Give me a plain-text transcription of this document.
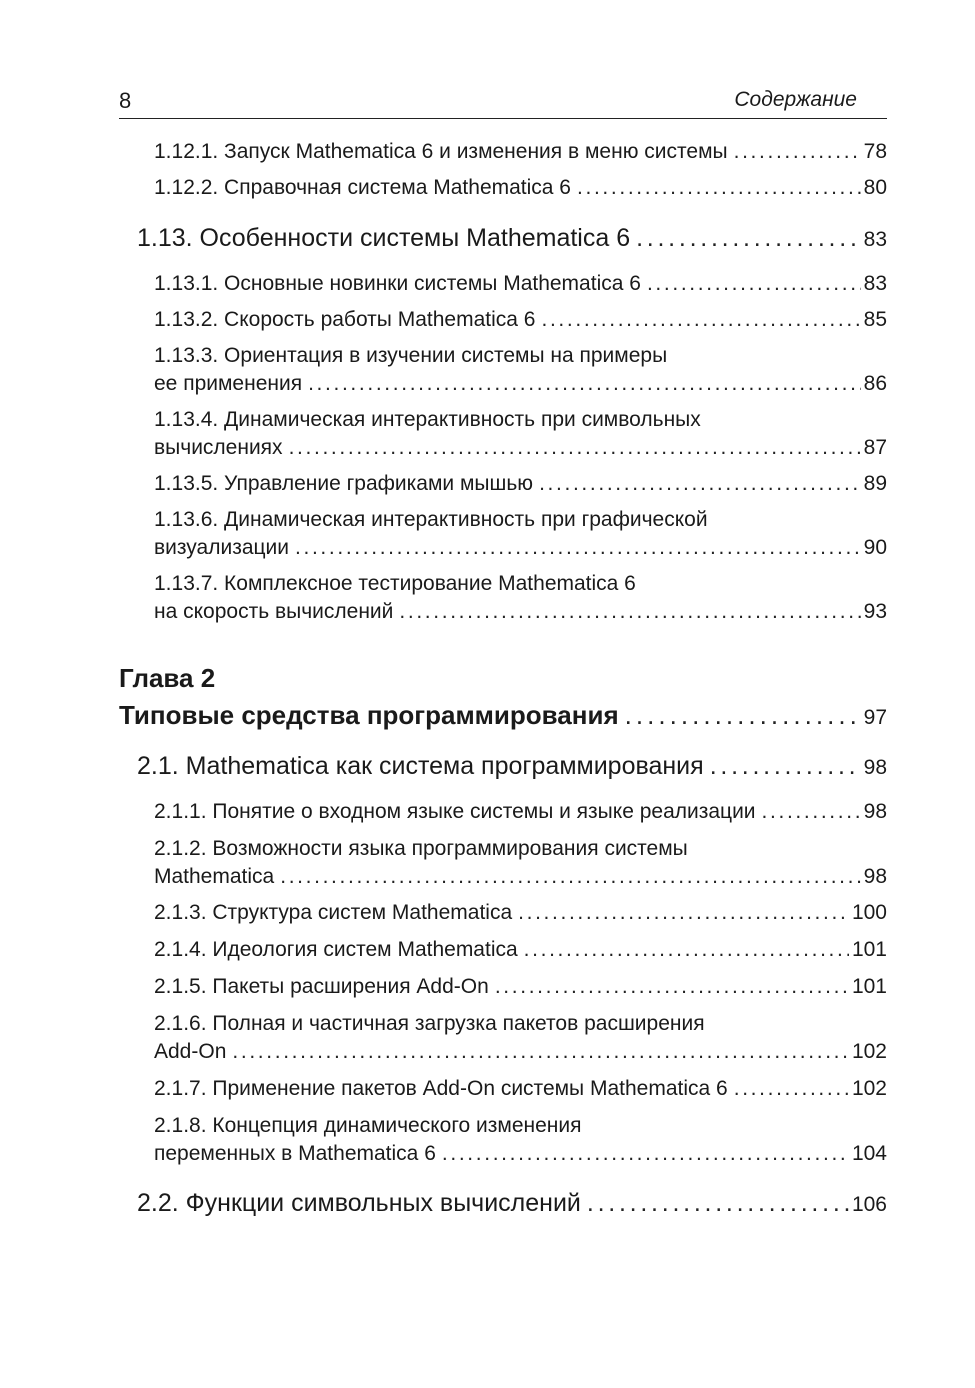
8	Содержание
1.12.1. Запуск Mathematica 6 и изменения в меню системы . . .	78
1.12.2. Справочная система Mathematica 6 . . .	80
1.13. Особенности системы Mathematica 6 . . .	83
1.13.1. Основные новинки системы Mathematica 6 . . .	83
1.13.2. Скорость работы Mathematica 6 . . .	85
1.13.3. Ориентация в изучении системы на примеры
ее применения . . .	86
1.13.4. Динамическая интерактивность при символьных
вычислениях . . .	87
1.13.5. Управление графиками мышью . . .	89
1.13.6. Динамическая интерактивность при графической
визуализации . . .	90
1.13.7. Комплексное тестирование Mathematica 6
на скорость вычислений . . .	93
Глава 2
Типовые средства программирования . . .	97
2.1. Mathematica как система программирования . . .	98
2.1.1. Понятие о входном языке системы и языке реализации . . .	98
2.1.2. Возможности языка программирования системы
Mathematica . . .	98
2.1.3. Структура систем Mathematica . . .	100
2.1.4. Идеология систем Mathematica . . .	101
2.1.5. Пакеты расширения Add-On . . .	101
2.1.6. Полная и частичная загрузка пакетов расширения
Add-On . . .	102
2.1.7. Применение пакетов Add-On системы Mathematica 6 . . .	102
2.1.8. Концепция динамического изменения
переменных в Mathematica 6 . . .	104
2.2. Функции символьных вычислений . . .	106
